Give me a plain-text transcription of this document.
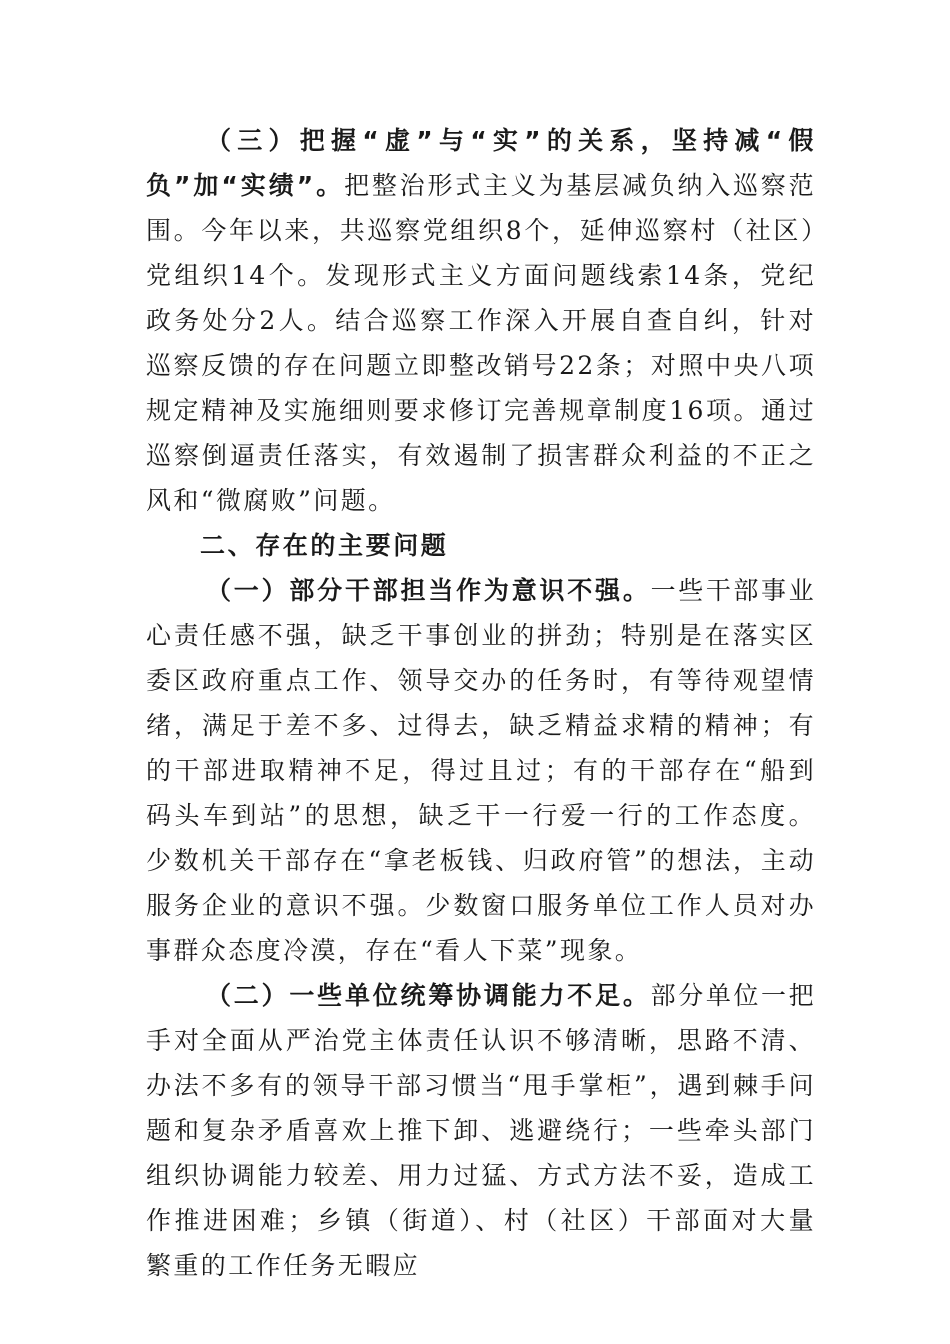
（三）把握“虚”与“实”的关系，坚持减“假负”加“实绩”。把整治形式主义为基层减负纳入巡察范围。今年以来，共巡察党组织8个，延伸巡察村（社区）党组织14个。发现形式主义方面问题线索14条，党纪政务处分2人。结合巡察工作深入开展自查自纠，针对巡察反馈的存在问题立即整改销号22条；对照中央八项规定精神及实施细则要求修订完善规章制度16项。通过巡察倒逼责任落实，有效遏制了损害群众利益的不正之风和“微腐败”问题。

二、存在的主要问题

（一）部分干部担当作为意识不强。一些干部事业心责任感不强，缺乏干事创业的拼劲；特别是在落实区委区政府重点工作、领导交办的任务时，有等待观望情绪，满足于差不多、过得去，缺乏精益求精的精神；有的干部进取精神不足，得过且过；有的干部存在“船到码头车到站”的思想，缺乏干一行爱一行的工作态度。少数机关干部存在“拿老板钱、归政府管”的想法，主动服务企业的意识不强。少数窗口服务单位工作人员对办事群众态度冷漠，存在“看人下菜”现象。

（二）一些单位统筹协调能力不足。部分单位一把手对全面从严治党主体责任认识不够清晰，思路不清、办法不多有的领导干部习惯当“甩手掌柜”，遇到棘手问题和复杂矛盾喜欢上推下卸、逃避绕行；一些牵头部门组织协调能力较差、用力过猛、方式方法不妥，造成工作推进困难；乡镇（街道）、村（社区）干部面对大量繁重的工作任务无暇应
